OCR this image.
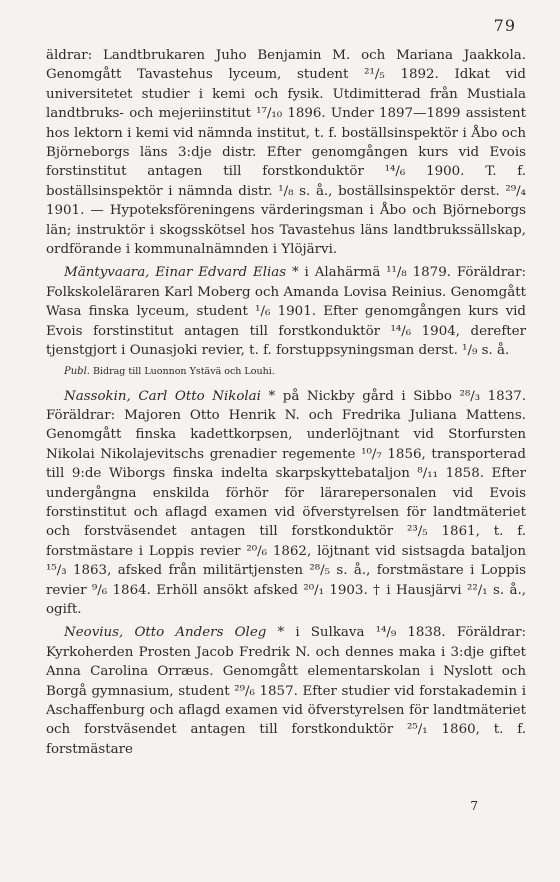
79

äldrar: Landtbrukaren Juho Benjamin M. och Mariana Jaakkola. Genomgått Tavastehus lyceum, student ²¹/₅ 1892. Idkat vid universitetet studier i kemi och fysik. Utdimitterad från Mustiala landtbruks- och mejeriinstitut ¹⁷/₁₀ 1896. Under 1897—1899 assistent hos lektorn i kemi vid nämnda institut, t. f. boställsinspektör i Åbo och Björneborgs läns 3:dje distr. Efter genomgången kurs vid Evois forstinstitut antagen till forstkonduktör ¹⁴/₆ 1900. T. f. boställsinspektör i nämnda distr. ¹/₈ s. å., boställsinspektör derst. ²⁹/₄ 1901. — Hypoteksföreningens värderingsman i Åbo och Björneborgs län; instruktör i skogsskötsel hos Tavastehus läns landtbrukssällskap, ordförande i kommunalnämnden i Ylöjärvi.

Mäntyvaara, Einar Edvard Elias * i Alahärmä ¹¹/₈ 1879. Föräldrar: Folkskoleläraren Karl Moberg och Amanda Lovisa Reinius. Genomgått Wasa finska lyceum, student ¹/₆ 1901. Efter genomgången kurs vid Evois forstinstitut antagen till forstkonduktör ¹⁴/₆ 1904, derefter tjenstgjort i Ounasjoki revier, t. f. forstuppsyningsman derst. ¹/₉ s. å.

Publ. Bidrag till Luonnon Ystävä och Louhi.

Nassokin, Carl Otto Nikolai * på Nickby gård i Sibbo ²⁸/₃ 1837. Föräldrar: Majoren Otto Henrik N. och Fredrika Juliana Mattens. Genomgått finska kadettkorpsen, underlöjtnant vid Storfursten Nikolai Nikolajevitschs grenadier regemente ¹⁰/₇ 1856, transporterad till 9:de Wiborgs finska indelta skarpskyttebataljon ⁸/₁₁ 1858. Efter undergångna enskilda förhör för lärarepersonalen vid Evois forstinstitut och aflagd examen vid öfverstyrelsen för landtmäteriet och forstväsendet antagen till forstkonduktör ²³/₅ 1861, t. f. forstmästare i Loppis revier ²⁰/₆ 1862, löjtnant vid sistsagda bataljon ¹⁵/₃ 1863, afsked från militärtjensten ²⁸/₅ s. å., forstmästare i Loppis revier ⁹/₆ 1864. Erhöll ansökt afsked ²⁰/₁ 1903. † i Hausjärvi ²²/₁ s. å., ogift.

Neovius, Otto Anders Oleg * i Sulkava ¹⁴/₉ 1838. Föräldrar: Kyrkoherden Prosten Jacob Fredrik N. och dennes maka i 3:dje giftet Anna Carolina Orræus. Genomgått elementarskolan i Nyslott och Borgå gymnasium, student ²⁹/₆ 1857. Efter studier vid forstakademin i Aschaffenburg och aflagd examen vid öfverstyrelsen för landtmäteriet och forstväsendet antagen till forstkonduktör ²⁵/₁ 1860, t. f. forstmästare

7
